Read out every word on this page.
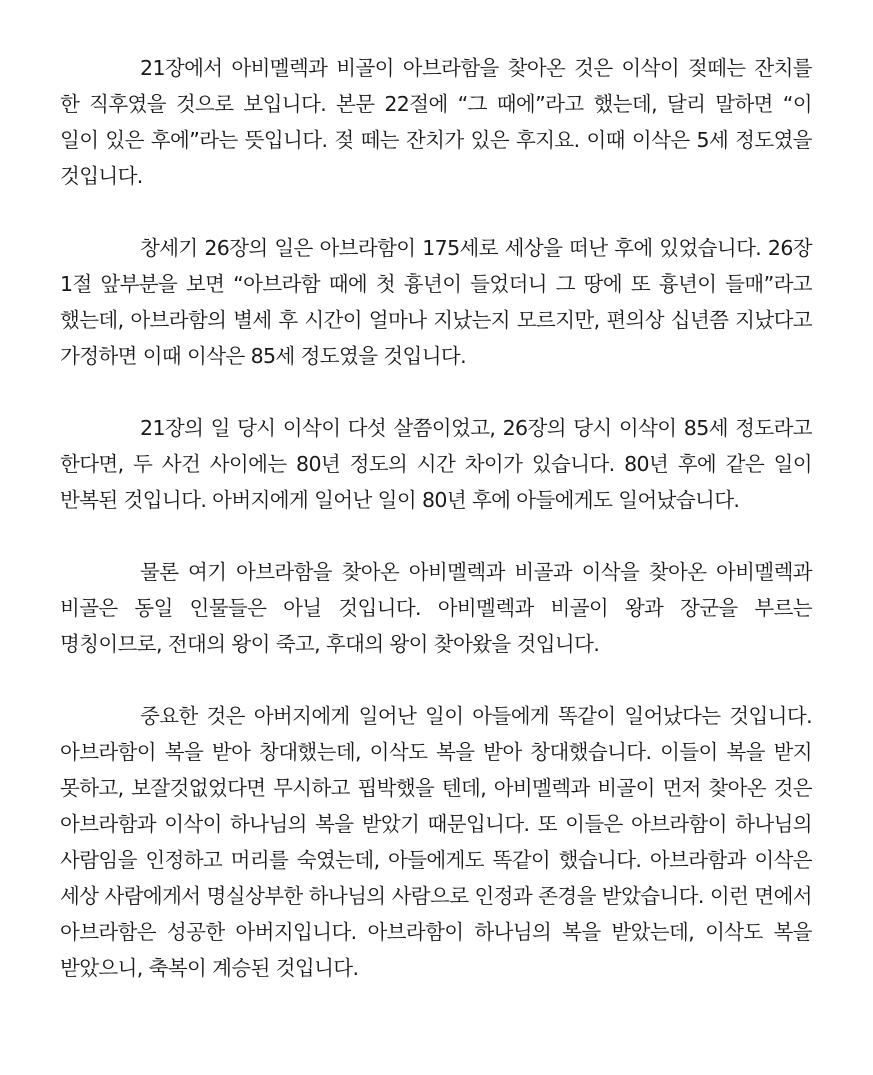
21장에서 아비멜렉과 비골이 아브라함을 찾아온 것은 이삭이 젖떼는 잔치를 한 직후였을 것으로 보입니다. 본문 22절에 “그 때에”라고 했는데, 달리 말하면 “이 일이 있은 후에”라는 뜻입니다. 젖 떼는 잔치가 있은 후지요. 이때 이삭은 5세 정도였을 것입니다.

창세기 26장의 일은 아브라함이 175세로 세상을 떠난 후에 있었습니다. 26장 1절 앞부분을 보면 “아브라함 때에 첫 흉년이 들었더니 그 땅에 또 흉년이 들매”라고 했는데, 아브라함의 별세 후 시간이 얼마나 지났는지 모르지만, 편의상 십년쯤 지났다고 가정하면 이때 이삭은 85세 정도였을 것입니다.

21장의 일 당시 이삭이 다섯 살쯤이었고, 26장의 당시 이삭이 85세 정도라고 한다면, 두 사건 사이에는 80년 정도의 시간 차이가 있습니다. 80년 후에 같은 일이 반복된 것입니다. 아버지에게 일어난 일이 80년 후에 아들에게도 일어났습니다.

물론 여기 아브라함을 찾아온 아비멜렉과 비골과 이삭을 찾아온 아비멜렉과 비골은 동일 인물들은 아닐 것입니다. 아비멜렉과 비골이 왕과 장군을 부르는 명칭이므로, 전대의 왕이 죽고, 후대의 왕이 찾아왔을 것입니다.

중요한 것은 아버지에게 일어난 일이 아들에게 똑같이 일어났다는 것입니다. 아브라함이 복을 받아 창대했는데, 이삭도 복을 받아 창대했습니다. 이들이 복을 받지 못하고, 보잘것없었다면 무시하고 핍박했을 텐데, 아비멜렉과 비골이 먼저 찾아온 것은 아브라함과 이삭이 하나님의 복을 받았기 때문입니다. 또 이들은 아브라함이 하나님의 사람임을 인정하고 머리를 숙였는데, 아들에게도 똑같이 했습니다. 아브라함과 이삭은 세상 사람에게서 명실상부한 하나님의 사람으로 인정과 존경을 받았습니다. 이런 면에서 아브라함은 성공한 아버지입니다. 아브라함이 하나님의 복을 받았는데, 이삭도 복을 받았으니, 축복이 계승된 것입니다.
